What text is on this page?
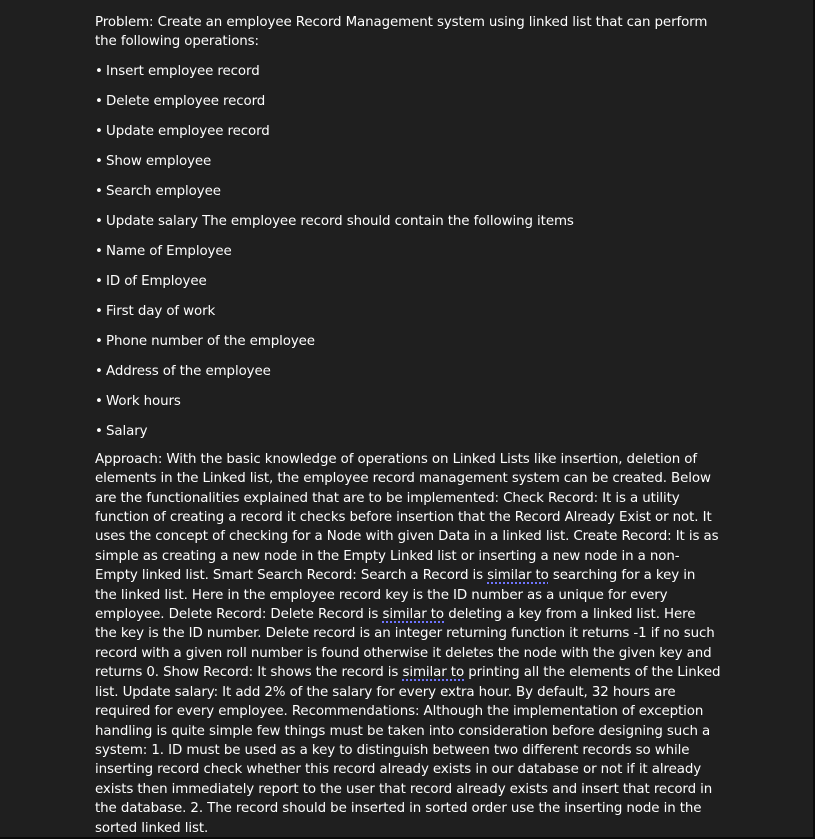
Problem: Create an employee Record Management system using linked list that can perform the following operations:

• Insert employee record
• Delete employee record
• Update employee record
• Show employee
• Search employee
• Update salary The employee record should contain the following items
• Name of Employee
• ID of Employee
• First day of work
• Phone number of the employee
• Address of the employee
• Work hours
• Salary

Approach: With the basic knowledge of operations on Linked Lists like insertion, deletion of elements in the Linked list, the employee record management system can be created. Below are the functionalities explained that are to be implemented: Check Record: It is a utility function of creating a record it checks before insertion that the Record Already Exist or not. It uses the concept of checking for a Node with given Data in a linked list. Create Record: It is as simple as creating a new node in the Empty Linked list or inserting a new node in a non-Empty linked list. Smart Search Record: Search a Record is similar to searching for a key in the linked list. Here in the employee record key is the ID number as a unique for every employee. Delete Record: Delete Record is similar to deleting a key from a linked list. Here the key is the ID number. Delete record is an integer returning function it returns -1 if no such record with a given roll number is found otherwise it deletes the node with the given key and returns 0. Show Record: It shows the record is similar to printing all the elements of the Linked list. Update salary: It add 2% of the salary for every extra hour. By default, 32 hours are required for every employee. Recommendations: Although the implementation of exception handling is quite simple few things must be taken into consideration before designing such a system: 1. ID must be used as a key to distinguish between two different records so while inserting record check whether this record already exists in our database or not if it already exists then immediately report to the user that record already exists and insert that record in the database. 2. The record should be inserted in sorted order use the inserting node in the sorted linked list.
